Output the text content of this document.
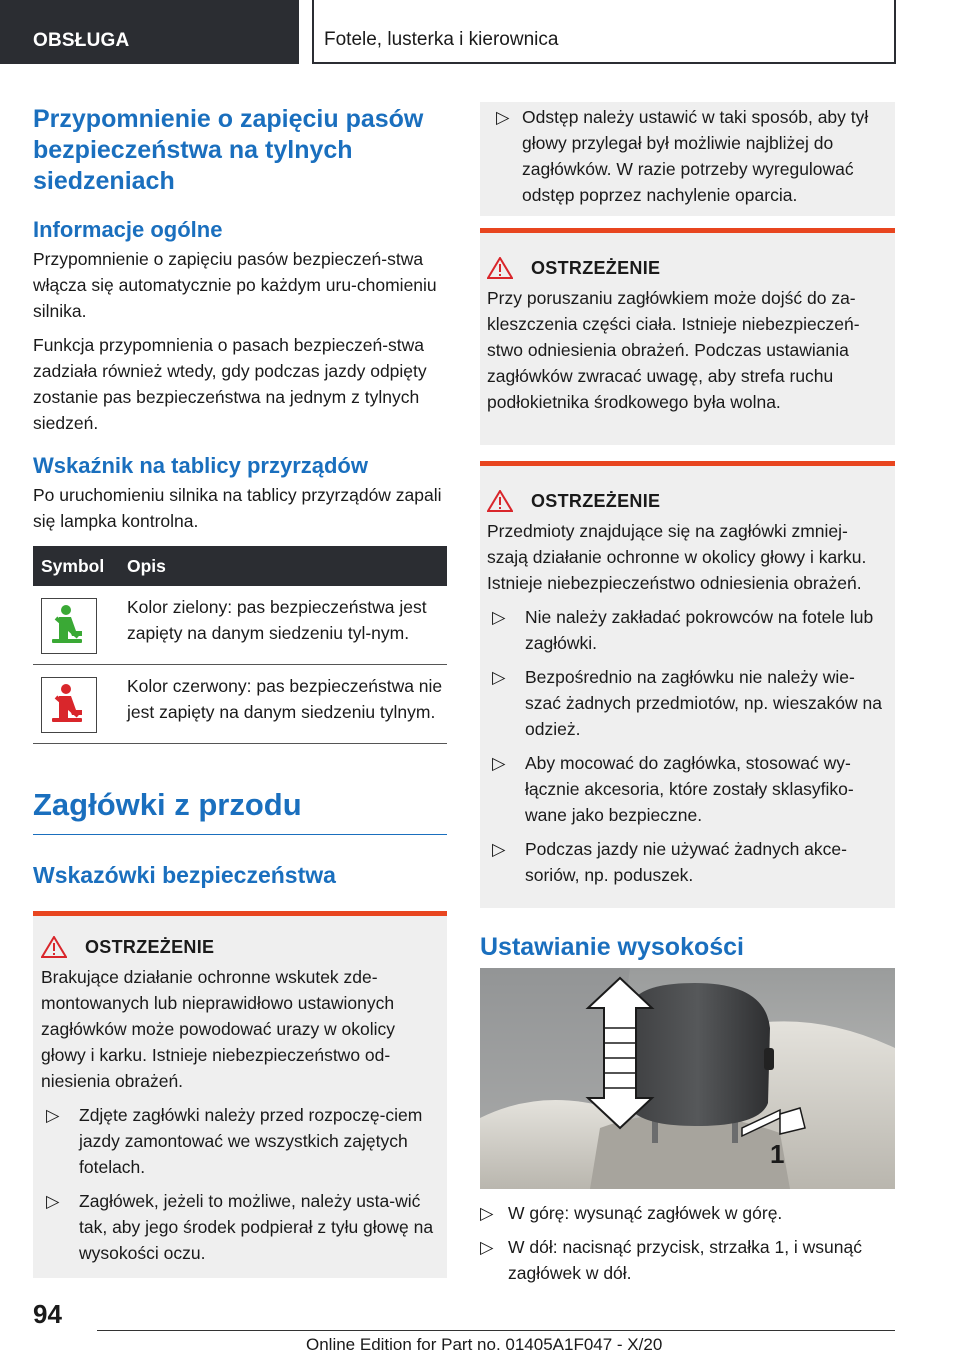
OBSŁUGA	Fotele, lusterka i kierownica
Przypomnienie o zapięciu pasów bezpieczeństwa na tylnych siedzeniach
Informacje ogólne

Przypomnienie o zapięciu pasów bezpieczeń-stwa włącza się automatycznie po każdym uru-chomieniu silnika.

Funkcja przypomnienia o pasach bezpieczeń-stwa zadziała również wtedy, gdy podczas jazdy odpięty zostanie pas bezpieczeństwa na jednym z tylnych siedzeń.

Wskaźnik na tablicy przyrządów

Po uruchomieniu silnika na tablicy przyrządów zapali się lampka kontrolna.

Symbol	Opis

	Kolor zielony: pas bezpieczeństwa jest zapięty na danym siedzeniu tyl-nym.

	Kolor czerwony: pas bezpieczeństwa nie jest zapięty na danym siedzeniu tylnym.
Zagłówki z przodu
Wskazówki bezpieczeństwa
OSTRZEŻENIE

Brakujące działanie ochronne wskutek zde-montowanych lub nieprawidłowo ustawionych zagłówków może powodować urazy w okolicy głowy i karku. Istnieje niebezpieczeństwo od-niesienia obrażeń.

▷	Zdjęte zagłówki należy przed rozpoczę-ciem jazdy zamontować we wszystkich zajętych fotelach.
▷	Zagłówek, jeżeli to możliwe, należy usta-wić tak, aby jego środek podpierał z tyłu głowę na wysokości oczu.
▷ Odstęp należy ustawić w taki sposób, aby tył głowy przylegał był możliwie najbliżej do zagłówków. W razie potrzeby wyregulować odstęp poprzez nachylenie oparcia.
OSTRZEŻENIE

Przy poruszaniu zagłówkiem może dojść do za-kleszczenia części ciała. Istnieje niebezpieczeń-stwo odniesienia obrażeń. Podczas ustawiania zagłówków zwracać uwagę, aby strefa ruchu podłokietnika środkowego była wolna.

OSTRZEŻENIE

Przedmioty znajdujące się na zagłówki zmniej-szają działanie ochronne w okolicy głowy i karku. Istnieje niebezpieczeństwo odniesienia obrażeń.

▷	Nie należy zakładać pokrowców na fotele lub zagłówki.
▷	Bezpośrednio na zagłówku nie należy wie-szać żadnych przedmiotów, np. wieszaków na odzież.
▷	Aby mocować do zagłówka, stosować wy-łącznie akcesoria, które zostały sklasyfiko-wane jako bezpieczne.
▷	Podczas jazdy nie używać żadnych akce-soriów, np. poduszek.
Ustawianie wysokości
1
▷ W górę: wysunąć zagłówek w górę.
▷ W dół: nacisnąć przycisk, strzałka 1, i wsunąć zagłówek w dół.
94
Online Edition for Part no. 01405A1F047 - X/20
